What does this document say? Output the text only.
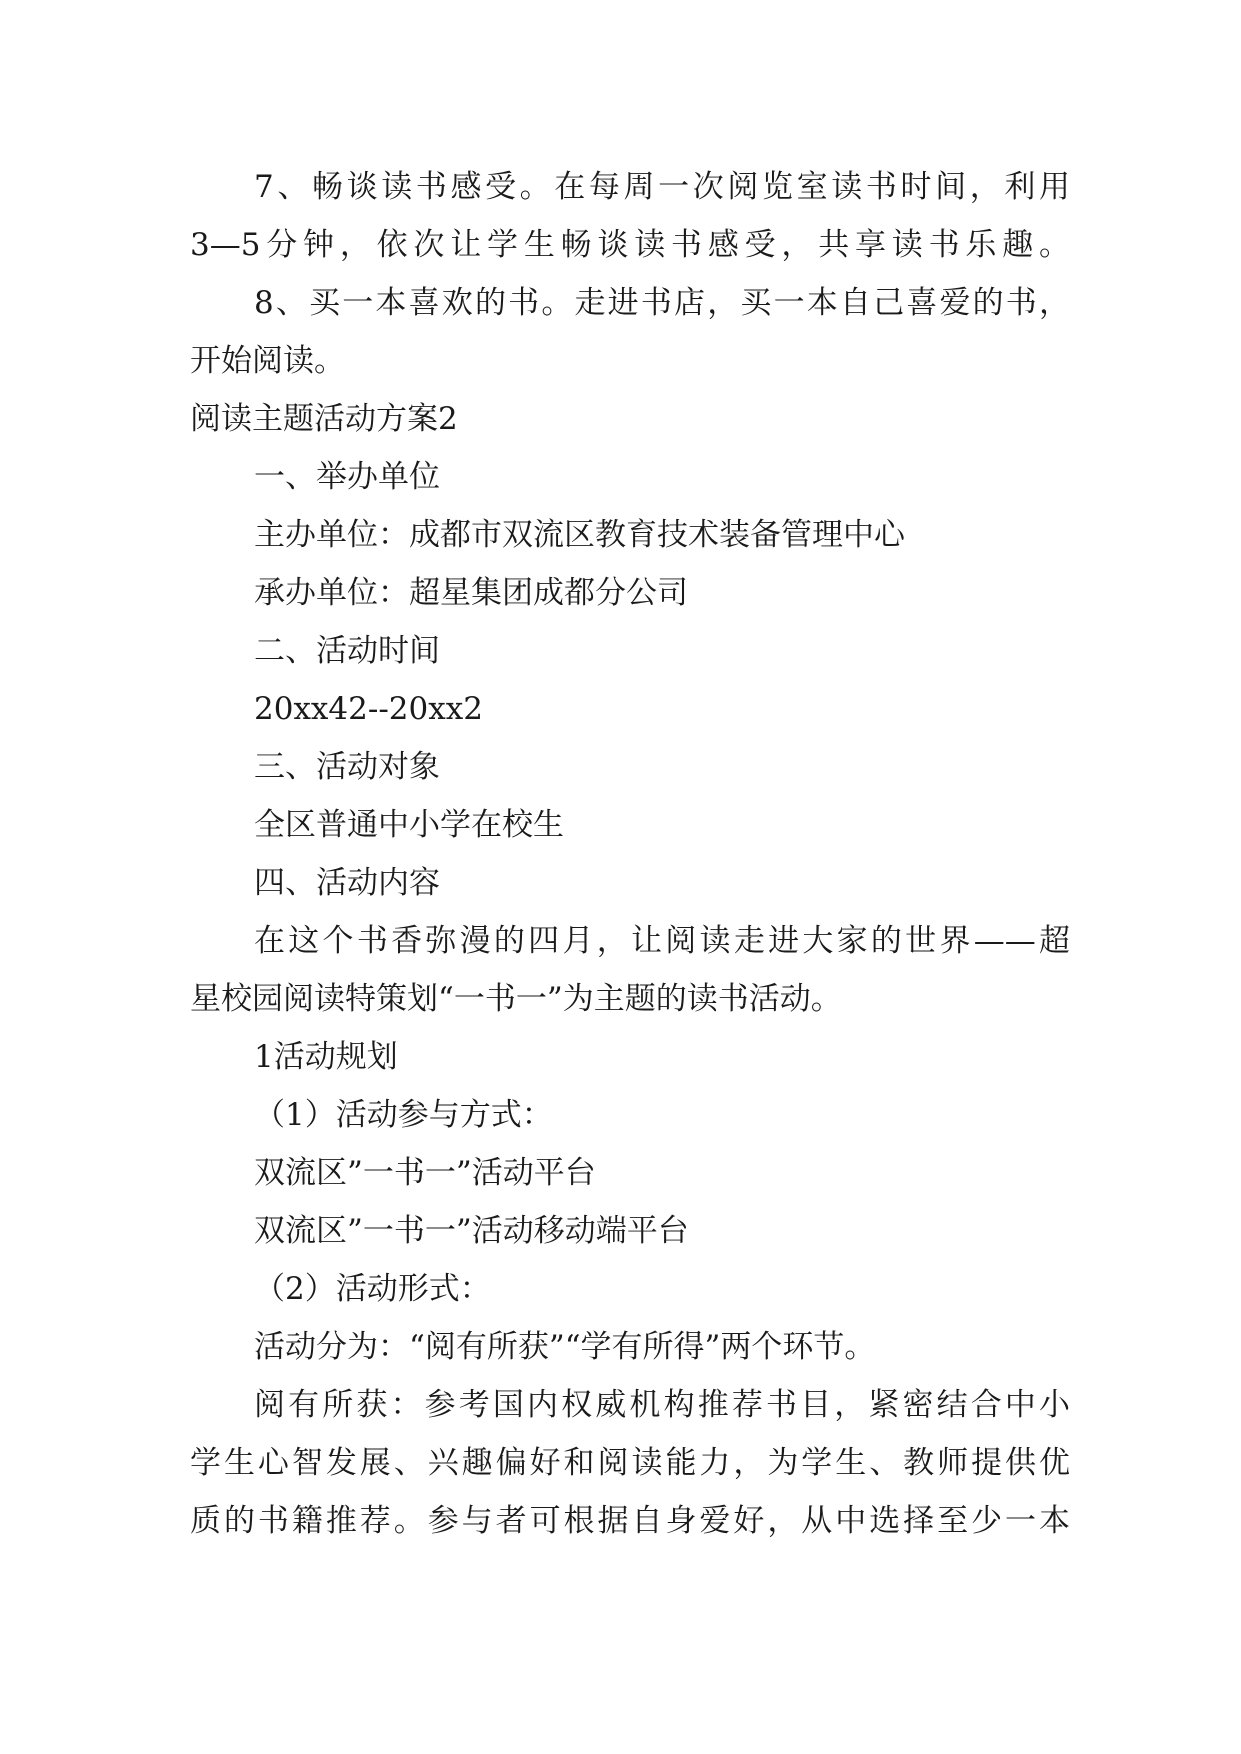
7、畅谈读书感受。在每周一次阅览室读书时间，利用

3—5分钟，依次让学生畅谈读书感受，共享读书乐趣。

8、买一本喜欢的书。走进书店，买一本自己喜爱的书，

开始阅读。

阅读主题活动方案2

一、举办单位

主办单位：成都市双流区教育技术装备管理中心

承办单位：超星集团成都分公司

二、活动时间

20xx42--20xx2

三、活动对象

全区普通中小学在校生

四、活动内容

在这个书香弥漫的四月，让阅读走进大家的世界——超

星校园阅读特策划“一书一”为主题的读书活动。

1活动规划

（1）活动参与方式：

双流区”一书一”活动平台

双流区”一书一”活动移动端平台

（2）活动形式：

活动分为：“阅有所获”“学有所得”两个环节。

阅有所获：参考国内权威机构推荐书目，紧密结合中小

学生心智发展、兴趣偏好和阅读能力，为学生、教师提供优

质的书籍推荐。参与者可根据自身爱好，从中选择至少一本
